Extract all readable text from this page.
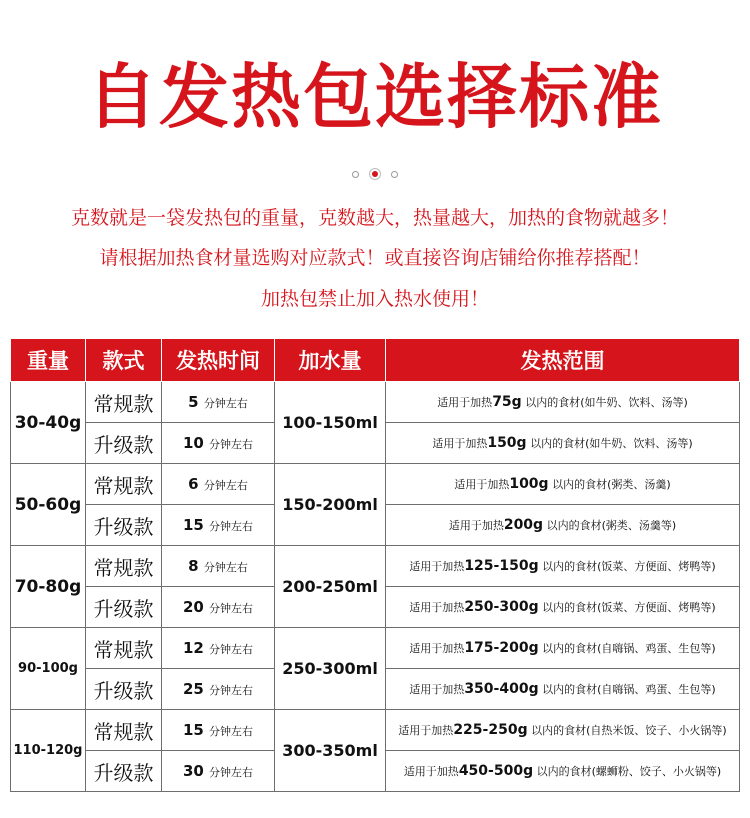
自发热包选择标准
克数就是一袋发热包的重量，克数越大，热量越大，加热的食物就越多！
请根据加热食材量选购对应款式！或直接咨询店铺给你推荐搭配！
加热包禁止加入热水使用！
重量	款式	发热时间	加水量	发热范围
30-40g	常规款	5 分钟左右	100-150ml	适用于加热75g 以内的食材(如牛奶、饮料、汤等)
	升级款	10 分钟左右		适用于加热150g 以内的食材(如牛奶、饮料、汤等)
50-60g	常规款	6 分钟左右	150-200ml	适用于加热100g 以内的食材(粥类、汤羹)
	升级款	15 分钟左右		适用于加热200g 以内的食材(粥类、汤羹等)
70-80g	常规款	8 分钟左右	200-250ml	适用于加热125-150g 以内的食材(饭菜、方便面、烤鸭等)
	升级款	20 分钟左右		适用于加热250-300g 以内的食材(饭菜、方便面、烤鸭等)
90-100g	常规款	12 分钟左右	250-300ml	适用于加热175-200g 以内的食材(自嗨锅、鸡蛋、生包等)
	升级款	25 分钟左右		适用于加热350-400g 以内的食材(自嗨锅、鸡蛋、生包等)
110-120g	常规款	15 分钟左右	300-350ml	适用于加热225-250g 以内的食材(自热米饭、饺子、小火锅等)
	升级款	30 分钟左右		适用于加热450-500g 以内的食材(螺蛳粉、饺子、小火锅等)
